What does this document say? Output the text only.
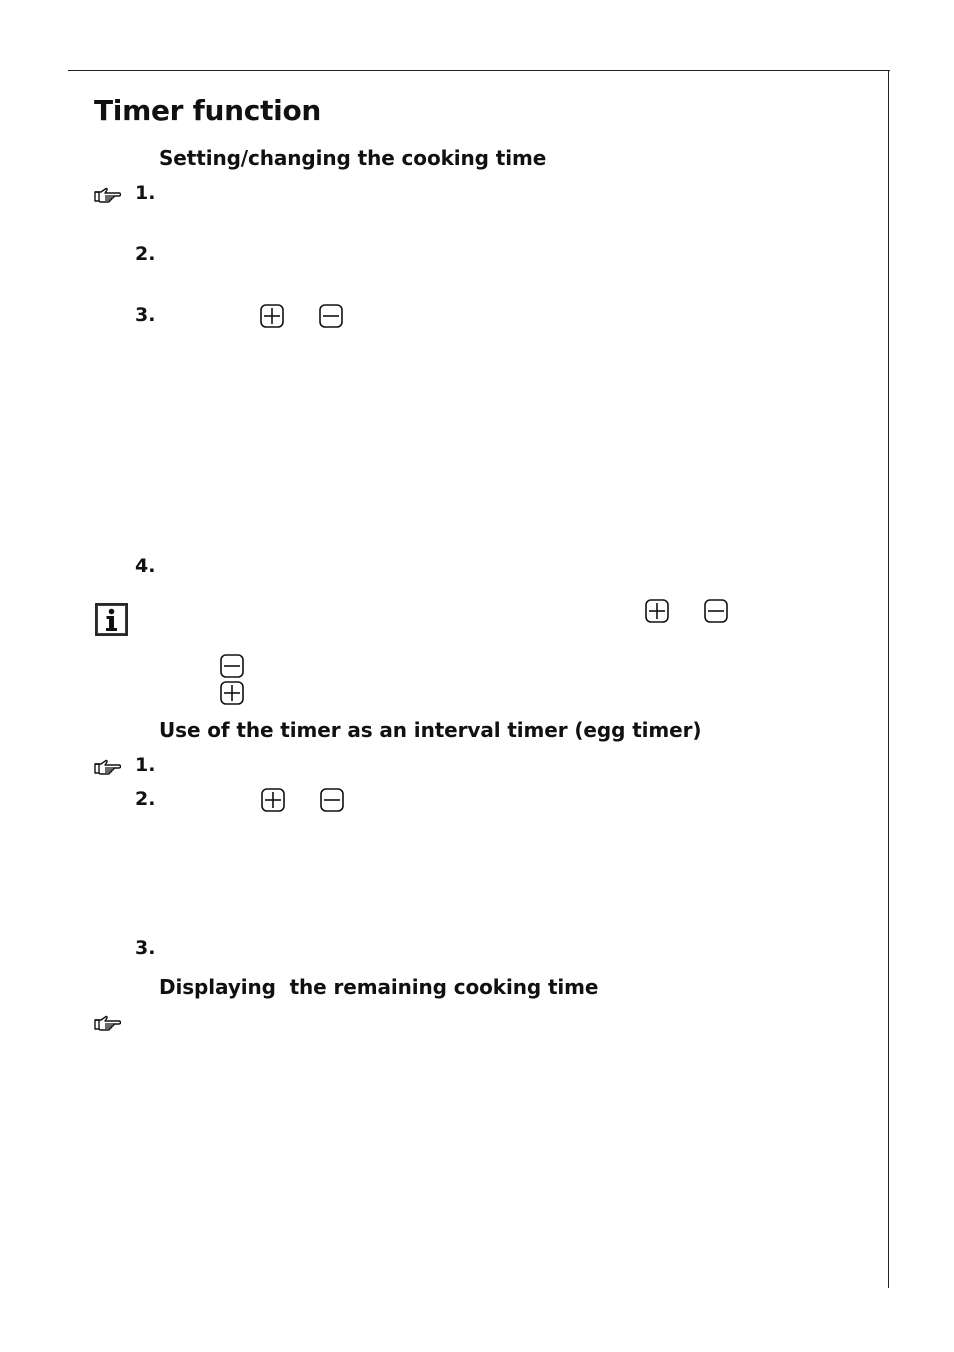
Timer function
Setting/changing the cooking time
1.
2.
3.
4.
Use of the timer as an interval timer (egg timer)
1.
2.
3.
Displaying  the remaining cooking time
